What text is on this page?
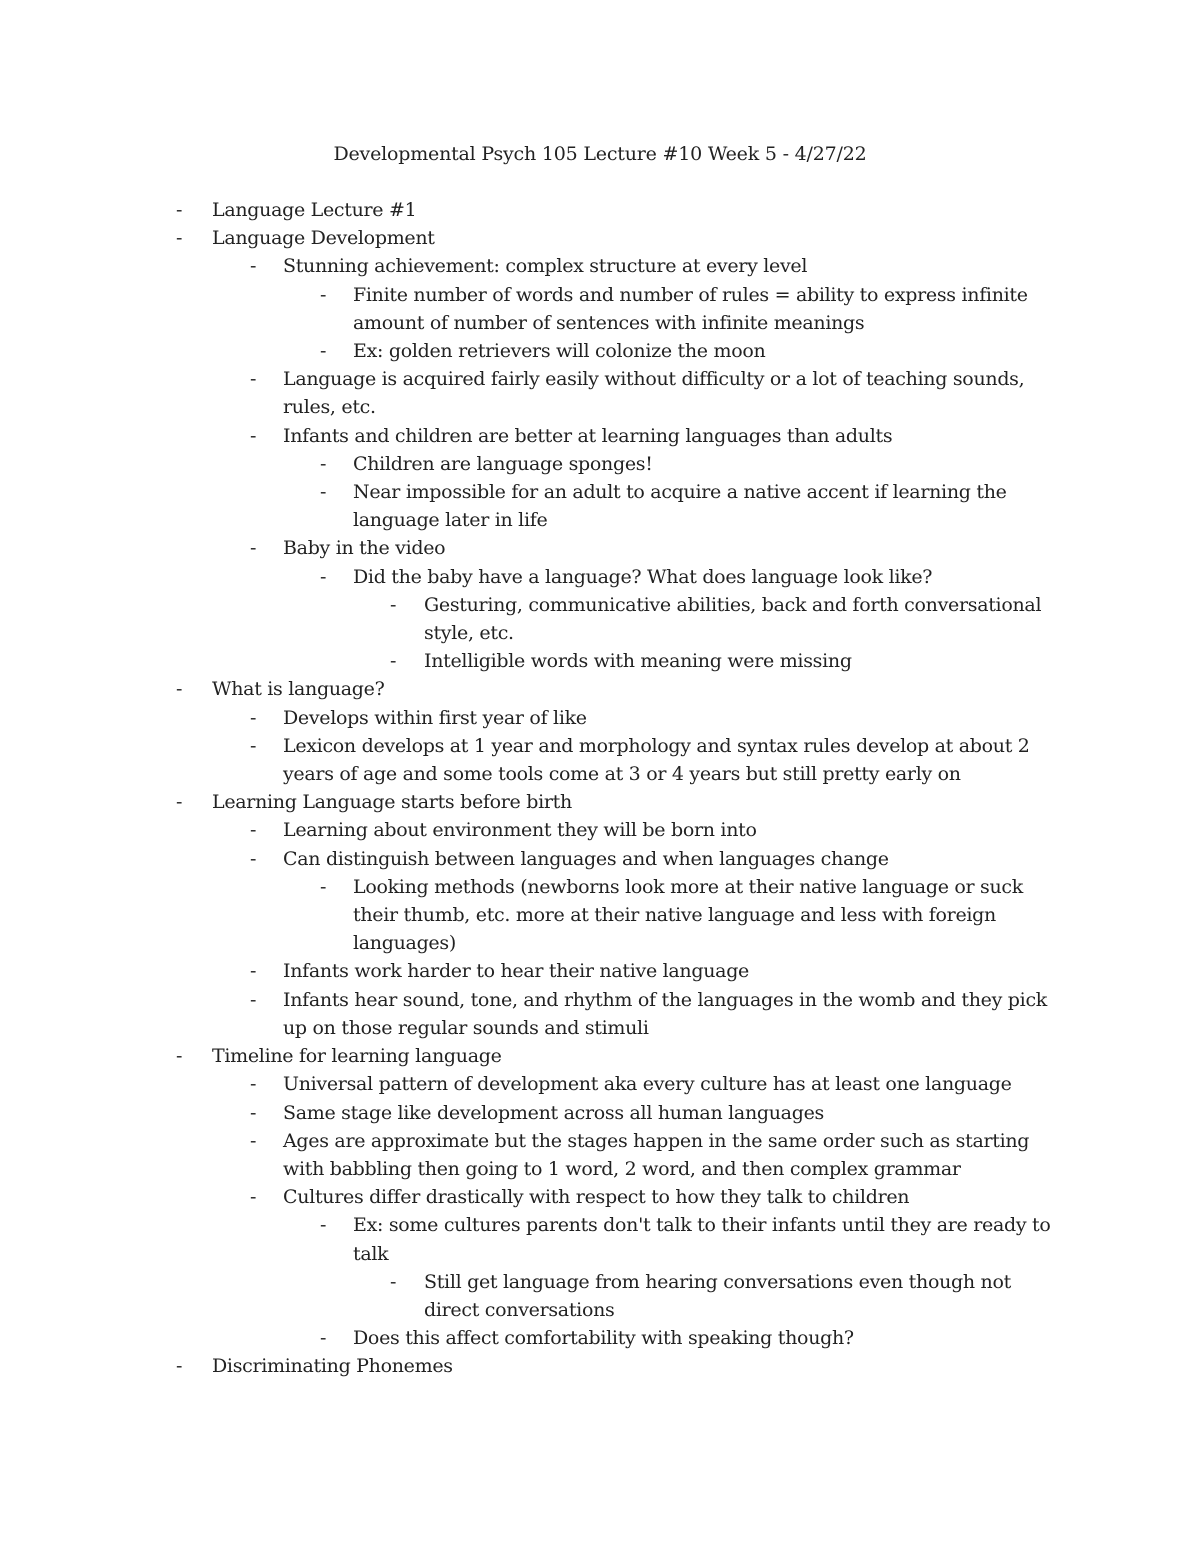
Developmental Psych 105 Lecture #10 Week 5 - 4/27/22
- Language Lecture #1
- Language Development
- Stunning achievement: complex structure at every level
- Finite number of words and number of rules = ability to express infinite amount of number of sentences with infinite meanings
- Ex: golden retrievers will colonize the moon
- Language is acquired fairly easily without difficulty or a lot of teaching sounds, rules, etc.
- Infants and children are better at learning languages than adults
- Children are language sponges!
- Near impossible for an adult to acquire a native accent if learning the language later in life
- Baby in the video
- Did the baby have a language? What does language look like?
- Gesturing, communicative abilities, back and forth conversational style, etc.
- Intelligible words with meaning were missing
- What is language?
- Develops within first year of like
- Lexicon develops at 1 year and morphology and syntax rules develop at about 2 years of age and some tools come at 3 or 4 years but still pretty early on
- Learning Language starts before birth
- Learning about environment they will be born into
- Can distinguish between languages and when languages change
- Looking methods (newborns look more at their native language or suck their thumb, etc. more at their native language and less with foreign languages)
- Infants work harder to hear their native language
- Infants hear sound, tone, and rhythm of the languages in the womb and they pick up on those regular sounds and stimuli
- Timeline for learning language
- Universal pattern of development aka every culture has at least one language
- Same stage like development across all human languages
- Ages are approximate but the stages happen in the same order such as starting with babbling then going to 1 word, 2 word, and then complex grammar
- Cultures differ drastically with respect to how they talk to children
- Ex: some cultures parents don't talk to their infants until they are ready to talk
- Still get language from hearing conversations even though not direct conversations
- Does this affect comfortability with speaking though?
- Discriminating Phonemes
